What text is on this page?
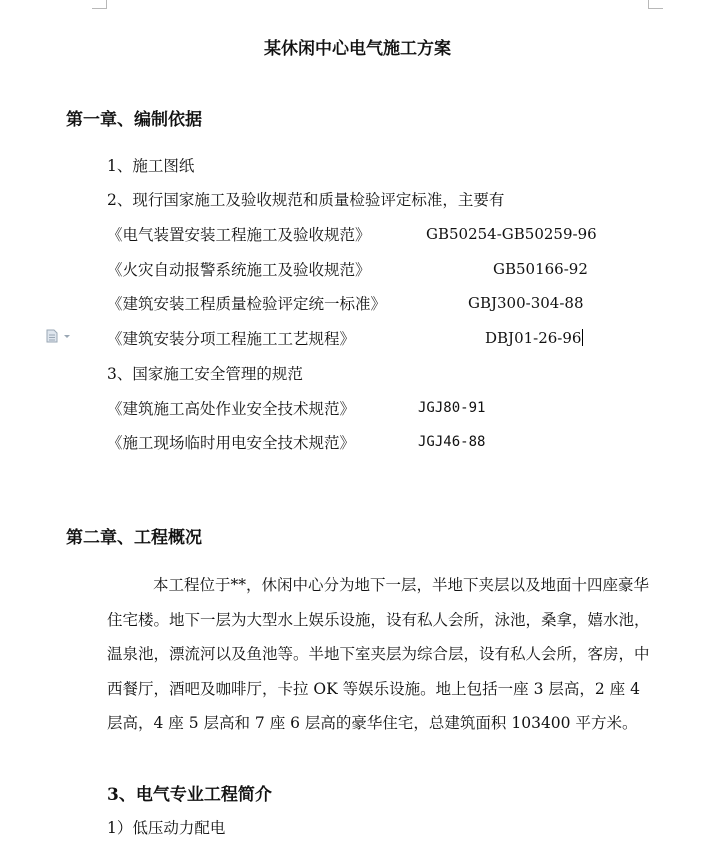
某休闲中心电气施工方案
第一章、编制依据
1、施工图纸
2、现行国家施工及验收规范和质量检验评定标准，主要有
《电气装置安装工程施工及验收规范》	GB50254-GB50259-96
《火灾自动报警系统施工及验收规范》	GB50166-92
《建筑安装工程质量检验评定统一标准》	GBJ300-304-88
《建筑安装分项工程施工工艺规程》	DBJ01-26-96
3、国家施工安全管理的规范
《建筑施工高处作业安全技术规范》	JGJ80-91
《施工现场临时用电安全技术规范》	JGJ46-88
第二章、工程概况

本工程位于**，休闲中心分为地下一层，半地下夹层以及地面十四座豪华住宅楼。地下一层为大型水上娱乐设施，设有私人会所，泳池，桑拿，嬉水池，温泉池，漂流河以及鱼池等。半地下室夹层为综合层，设有私人会所，客房，中西餐厅，酒吧及咖啡厅，卡拉 OK 等娱乐设施。地上包括一座 3 层高，2 座 4 层高，4 座 5 层高和 7 座 6 层高的豪华住宅，总建筑面积 103400 平方米。

3、电气专业工程简介
1）低压动力配电
